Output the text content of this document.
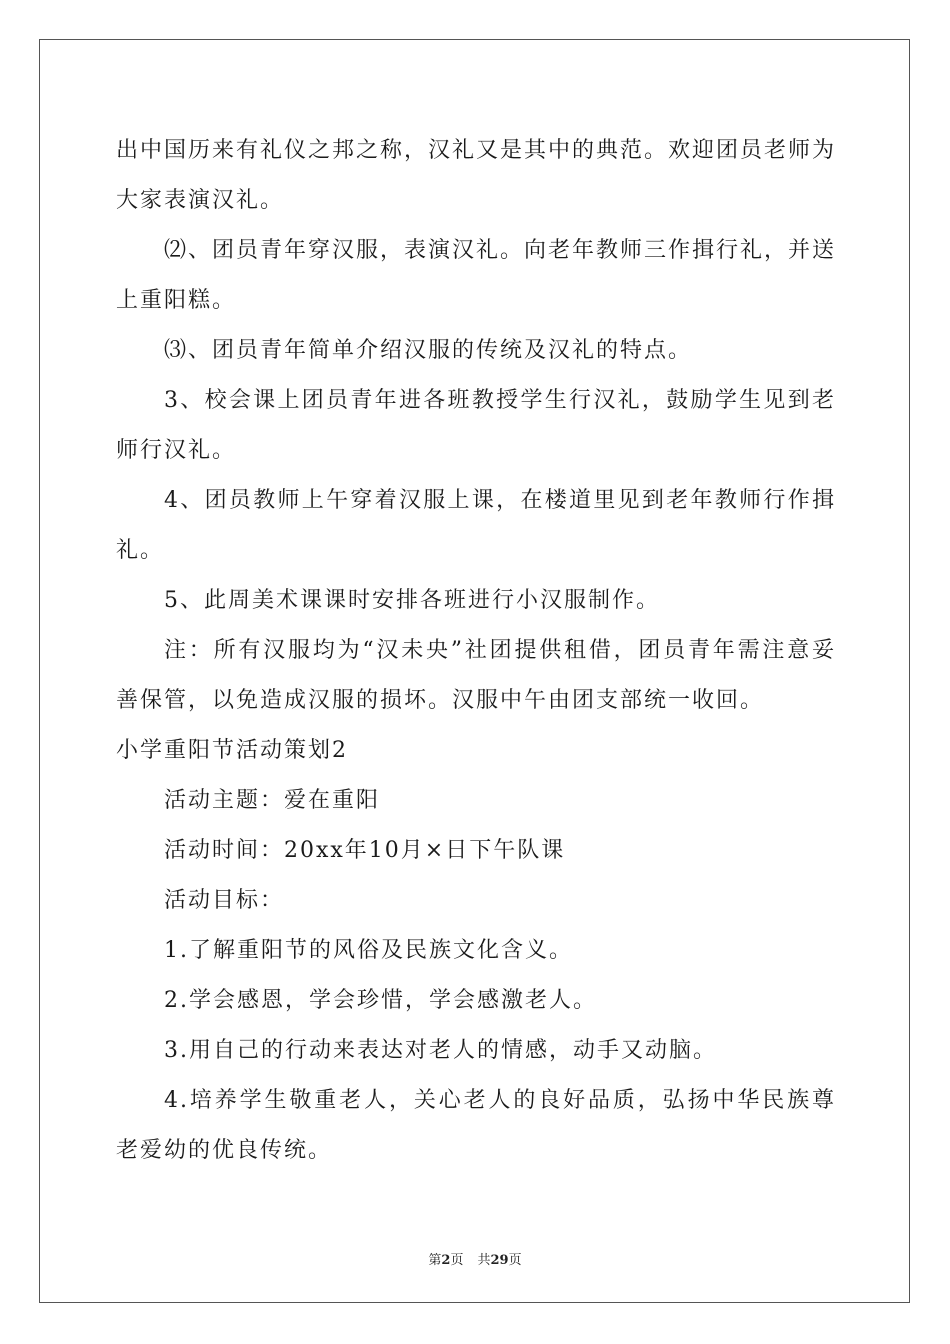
出中国历来有礼仪之邦之称，汉礼又是其中的典范。欢迎团员老师为大家表演汉礼。

⑵、团员青年穿汉服，表演汉礼。向老年教师三作揖行礼，并送上重阳糕。

⑶、团员青年简单介绍汉服的传统及汉礼的特点。

3、校会课上团员青年进各班教授学生行汉礼，鼓励学生见到老师行汉礼。

4、团员教师上午穿着汉服上课，在楼道里见到老年教师行作揖礼。

5、此周美术课课时安排各班进行小汉服制作。

注：所有汉服均为“汉未央”社团提供租借，团员青年需注意妥善保管，以免造成汉服的损坏。汉服中午由团支部统一收回。

小学重阳节活动策划2

活动主题：爱在重阳

活动时间：20xx年10月×日下午队课

活动目标：

1.了解重阳节的风俗及民族文化含义。

2.学会感恩，学会珍惜，学会感激老人。

3.用自己的行动来表达对老人的情感，动手又动脑。

4.培养学生敬重老人，关心老人的良好品质，弘扬中华民族尊老爱幼的优良传统。

第2页 共29页
